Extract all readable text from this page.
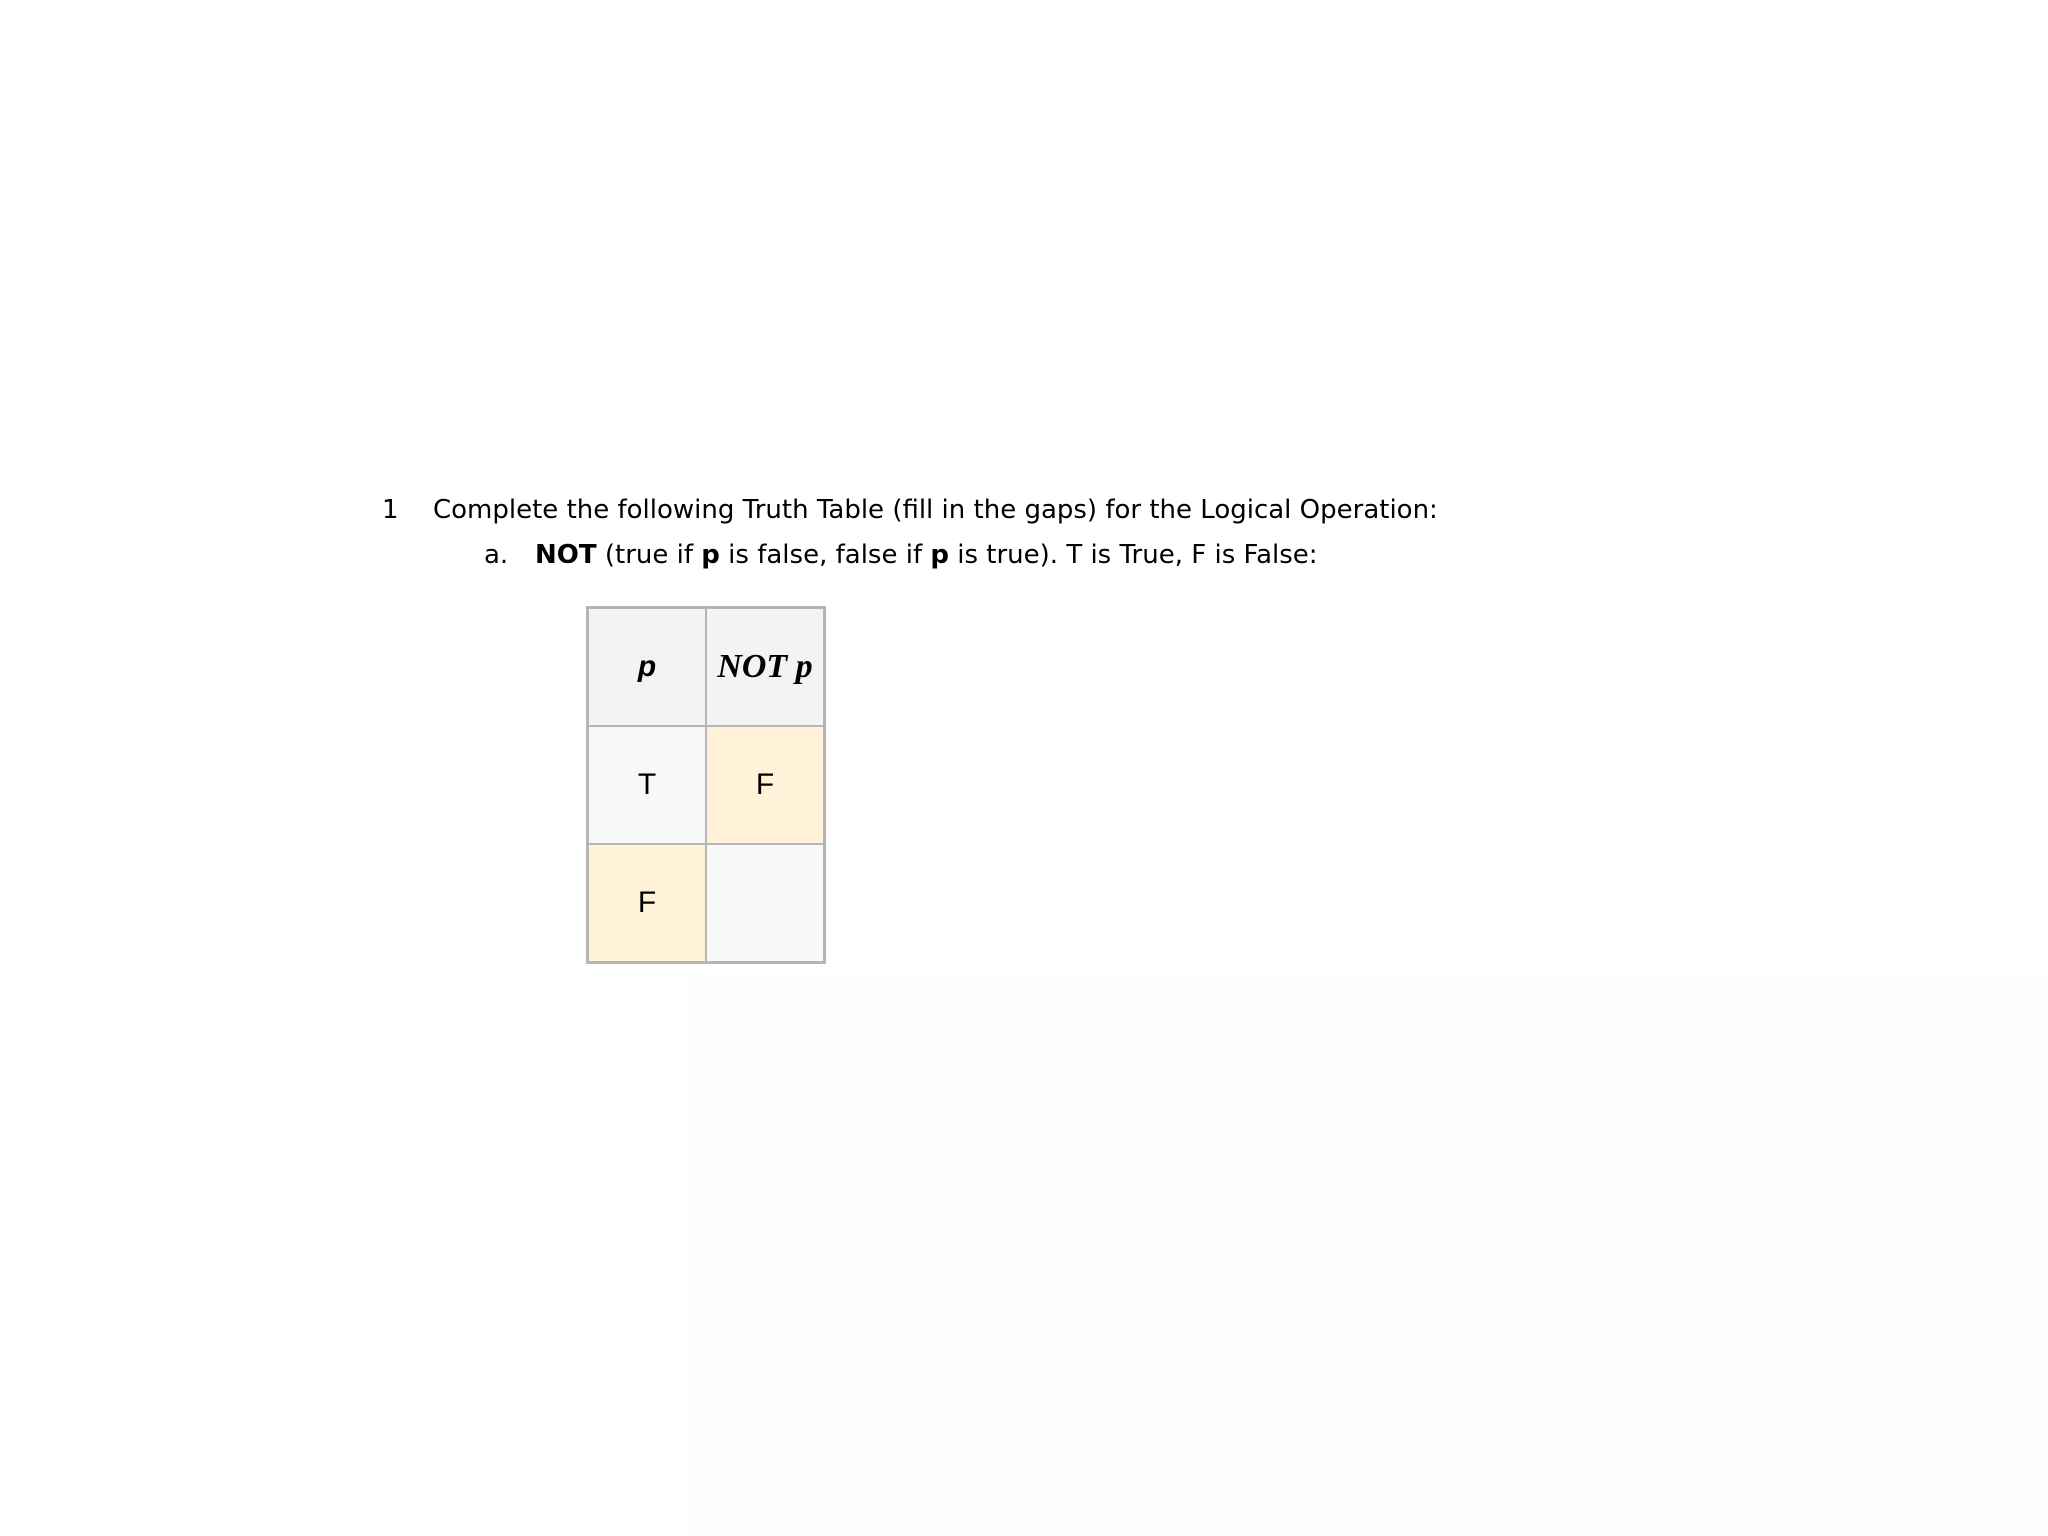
1 Complete the following Truth Table (fill in the gaps) for the Logical Operation:
a. NOT (true if p is false, false if p is true). T is True, F is False:
p	NOT p
T	F
F	
